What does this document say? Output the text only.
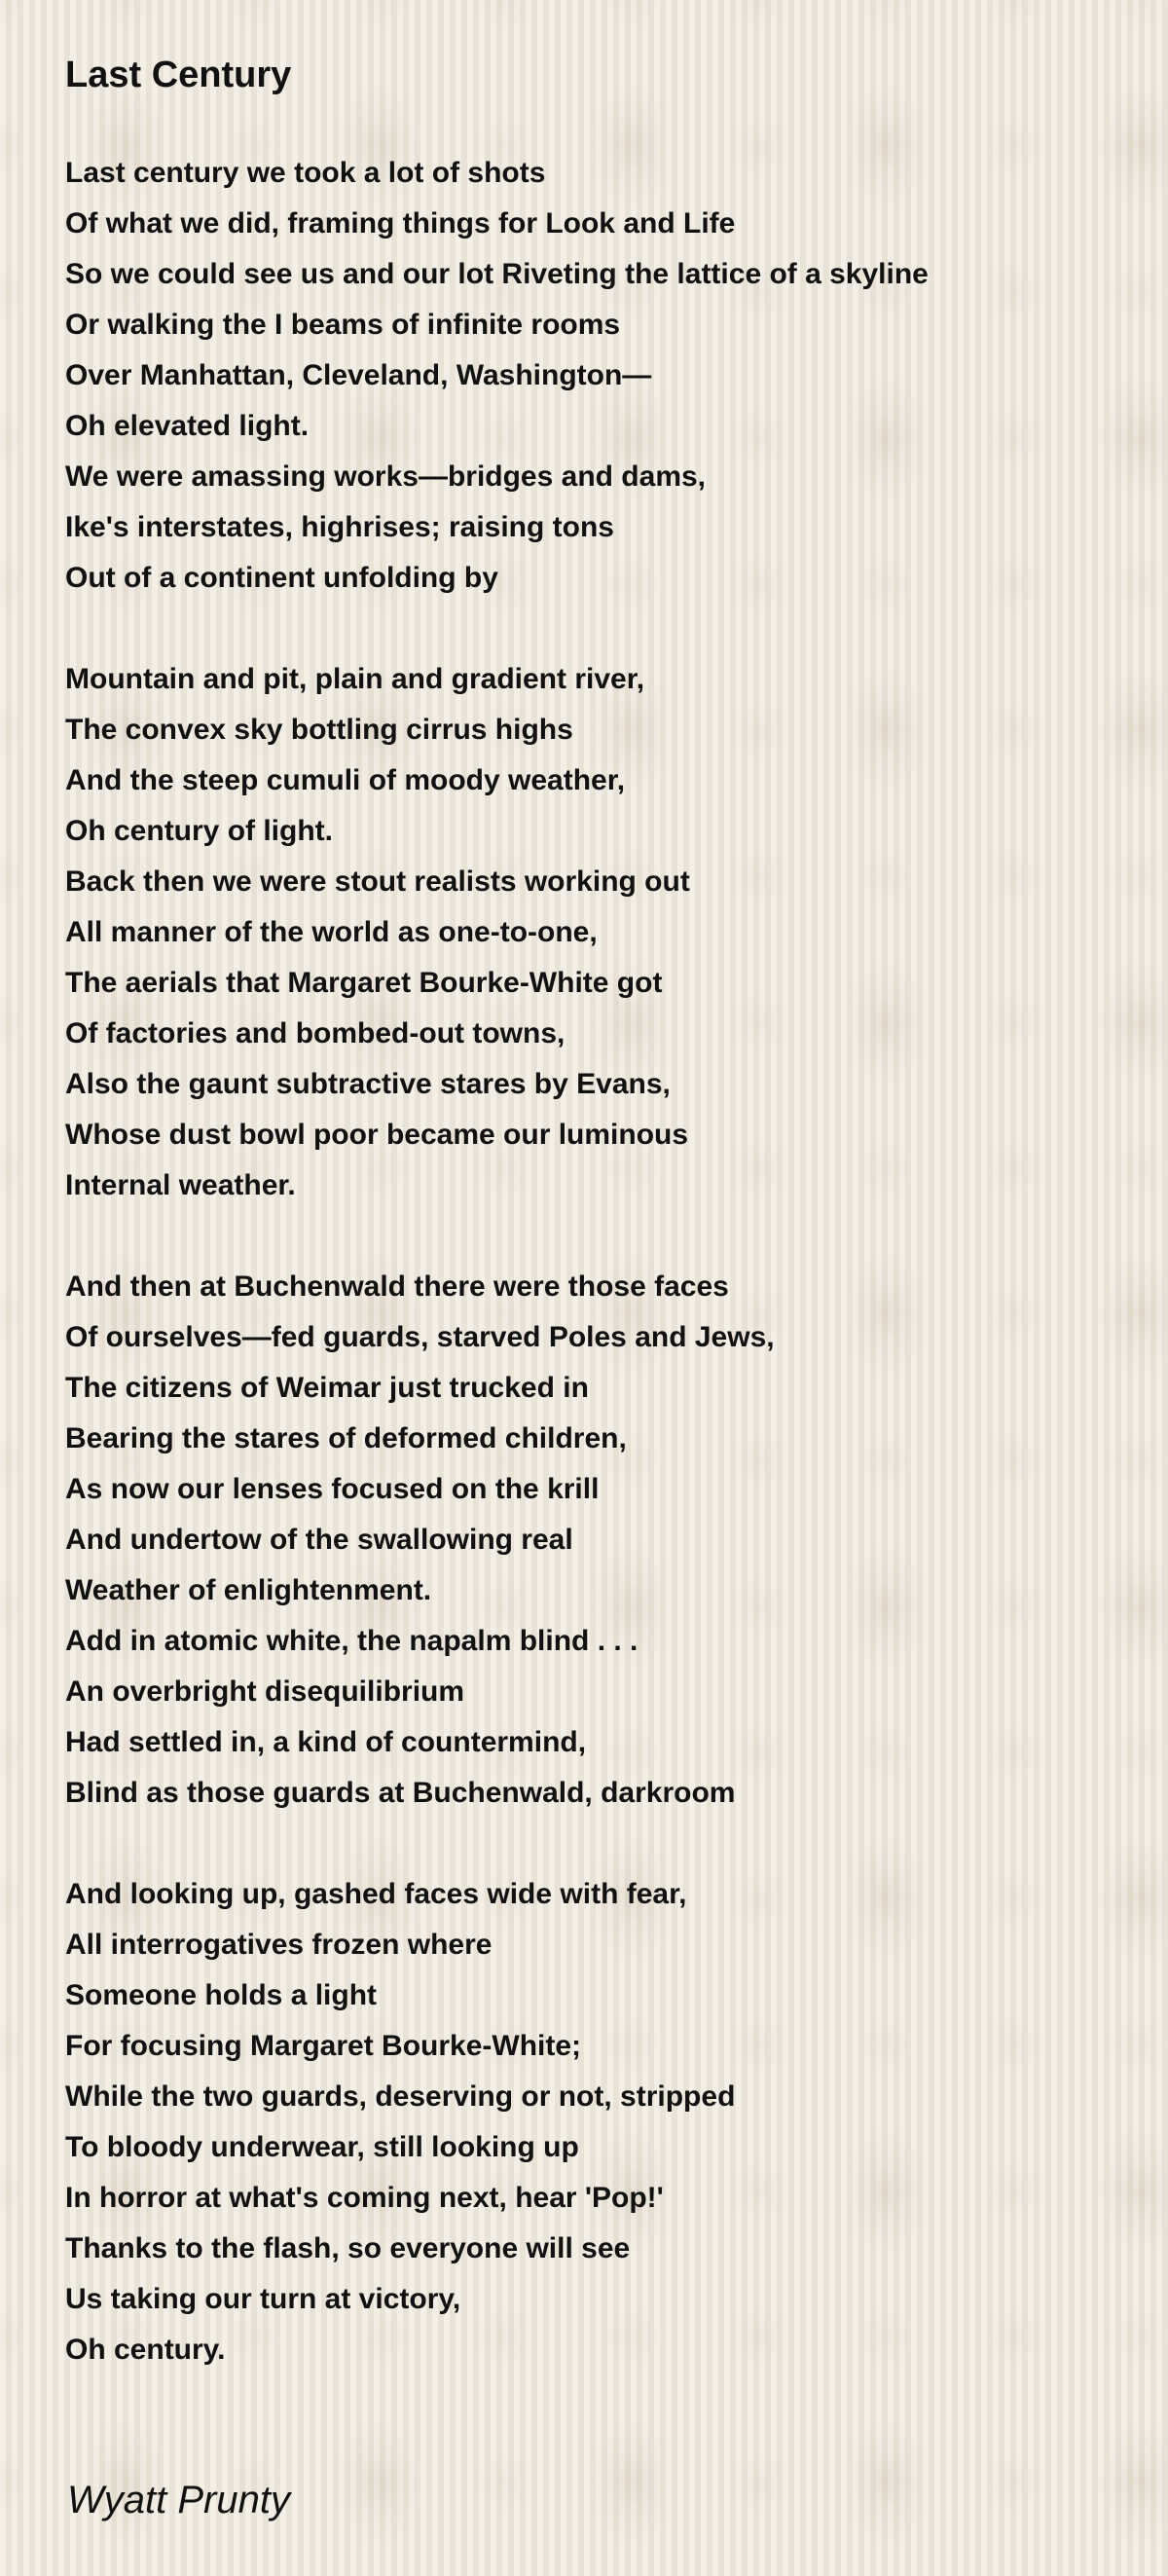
Last Century
Last century we took a lot of shots
Of what we did, framing things for Look and Life
So we could see us and our lot Riveting the lattice of a skyline
Or walking the I beams of infinite rooms
Over Manhattan, Cleveland, Washington—
Oh elevated light.
We were amassing works—bridges and dams,
Ike's interstates, highrises; raising tons
Out of a continent unfolding by
Mountain and pit, plain and gradient river,
The convex sky bottling cirrus highs
And the steep cumuli of moody weather,
Oh century of light.
Back then we were stout realists working out
All manner of the world as one-to-one,
The aerials that Margaret Bourke-White got
Of factories and bombed-out towns,
Also the gaunt subtractive stares by Evans,
Whose dust bowl poor became our luminous
Internal weather.
And then at Buchenwald there were those faces
Of ourselves—fed guards, starved Poles and Jews,
The citizens of Weimar just trucked in
Bearing the stares of deformed children,
As now our lenses focused on the krill
And undertow of the swallowing real
Weather of enlightenment.
Add in atomic white, the napalm blind . . .
An overbright disequilibrium
Had settled in, a kind of countermind,
Blind as those guards at Buchenwald, darkroom
And looking up, gashed faces wide with fear,
All interrogatives frozen where
Someone holds a light
For focusing Margaret Bourke-White;
While the two guards, deserving or not, stripped
To bloody underwear, still looking up
In horror at what's coming next, hear 'Pop!'
Thanks to the flash, so everyone will see
Us taking our turn at victory,
Oh century.
Wyatt Prunty
